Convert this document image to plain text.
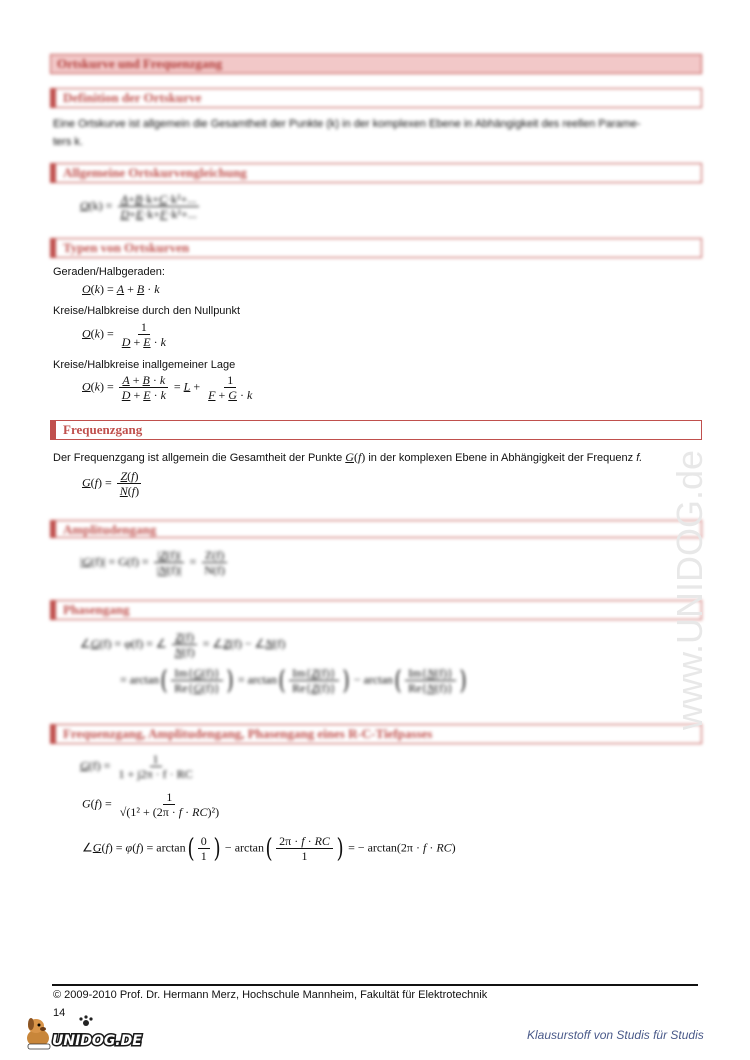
Ortskurve und Frequenzgang
Definition der Ortskurve
Eine Ortskurve ist allgemein die Gesamtheit der Punkte (k) in der komplexen Ebene in Abhängigkeit des reellen Parame-
ters k.
Allgemeine Ortskurvengleichung
$O(k) = \frac{\text{A+B·k+C·k²+...}}{\text{D+E·k+F·k²+...}}$
Typen von Ortskurven
Geraden/Halbgeraden:
O(k) = A + B · k
Kreise/Halbkreise durch den Nullpunkt
$O(k) = \frac{1}{D + E \cdot k}$
Kreise/Halbkreise inallgemeiner Lage
$O(k) = \frac{A + B \cdot k}{D + E \cdot k} = L + \frac{1}{F + G \cdot k}$
Frequenzgang
Der Frequenzgang ist allgemein die Gesamtheit der Punkte G(f) in der komplexen Ebene in Abhängigkeit der Frequenz f.
$G(f) = \frac{Z(f)}{N(f)}$
Amplitudengang
$|G(f)| = G(f) = \frac{|Z(f)|}{|N(f)|} = \frac{Z(f)}{N(f)}$
Phasengang
∠G(f) = φ(f) = ∠ $\frac{Z(f)}{N(f)}$ = ∠Z(f) − ∠N(f)
= $\arctan( \frac{Im\{G(f)\}}{Re\{G(f)\}}$ ) = $\arctan( \frac{Im\{Z(f)\}}{Re\{Z(f)\}}$ ) − $\arctan( \frac{Im\{N(f)\}}{Re\{N(f)\}}$ )
Frequenzgang, Amplitudengang, Phasengang eines R-C-Tiefpasses
$G(f) = \frac{1}{1 + j2\pi \cdot f \cdot RC}$
$G(f) = \frac{1}{\text{√(1² + (2π · f · RC)²)}}$
∠G(f) = $\varphi(f) = \arctan( \frac{0}{1}$ ) − $\arctan( \frac{2\pi \cdot f \cdot RC}{1}$ ) = − arctan(2π · f · RC)
www.UNIDOG.de
© 2009-2010 Prof. Dr. Hermann Merz, Hochschule Mannheim, Fakultät für Elektrotechnik
14
UNIDOG.DE	Klausurstoff von Studis für Studis
